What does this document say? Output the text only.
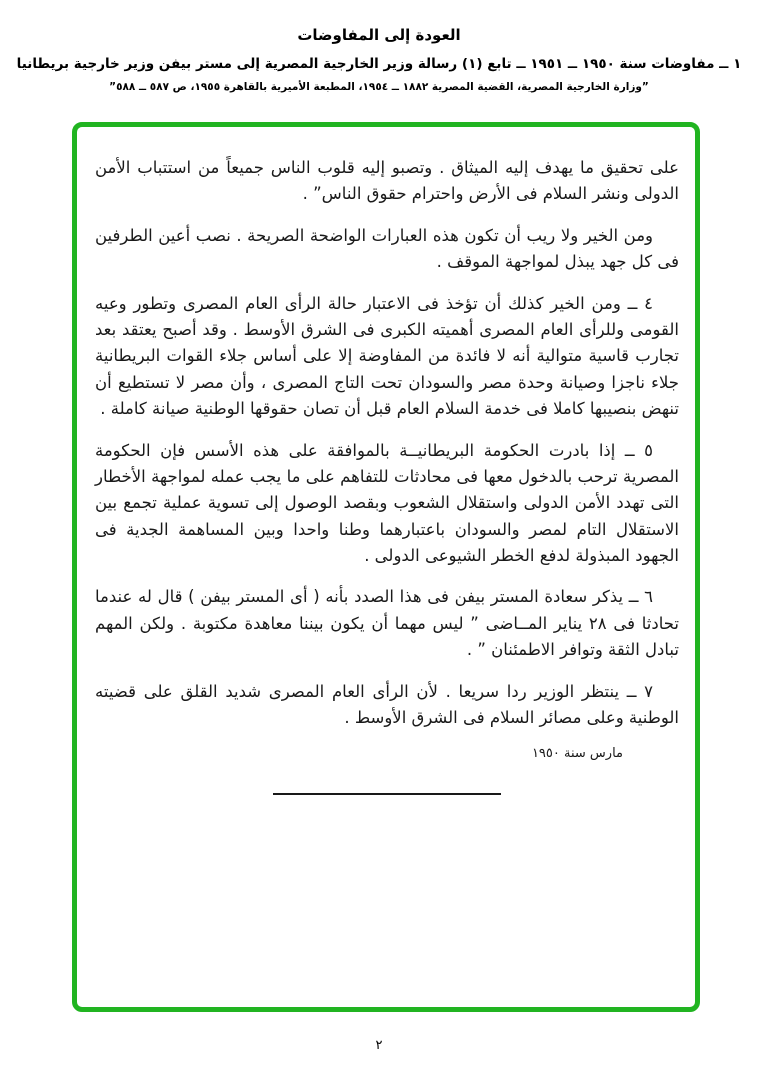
العودة إلى المفاوضات
١ ــ مفاوضات سنة ١٩٥٠ ــ ١٩٥١ ــ تابع (١) رسالة وزير الخارجية المصرية إلى مستر بيفن وزير خارجية بريطانيا
”وزارة الخارجية المصرية، القضية المصرية ١٨٨٢ ــ ١٩٥٤، المطبعة الأميرية بالقاهرة ١٩٥٥، ص ٥٨٧ ــ ٥٨٨”

على تحقيق ما يهدف إليه الميثاق . وتصبو إليه قلوب الناس جميعاً من استتباب الأمن الدولى ونشر السلام فى الأرض واحترام حقوق الناس” .

ومن الخير ولا ريب أن تكون هذه العبارات الواضحة الصريحة . نصب أعين الطرفين فى كل جهد يبذل لمواجهة الموقف .

٤ ــ ومن الخير كذلك أن تؤخذ فى الاعتبار حالة الرأى العام المصرى وتطور وعيه القومى وللرأى العام المصرى أهميته الكبرى فى الشرق الأوسط . وقد أصبح يعتقد بعد تجارب قاسية متوالية أنه لا فائدة من المفاوضة إلا على أساس جلاء القوات البريطانية جلاء ناجزا وصيانة وحدة مصر والسودان تحت التاج المصرى ، وأن مصر لا تستطيع أن تنهض بنصيبها كاملا فى خدمة السلام العام قبل أن تصان حقوقها الوطنية صيانة كاملة .

٥ ــ إذا بادرت الحكومة البريطانيــة بالموافقة على هذه الأسس فإن الحكومة المصرية ترحب بالدخول معها فى محادثات للتفاهم على ما يجب عمله لمواجهة الأخطار التى تهدد الأمن الدولى واستقلال الشعوب وبقصد الوصول إلى تسوية عملية تجمع بين الاستقلال التام لمصر والسودان باعتبارهما وطنا واحدا وبين المساهمة الجدية فى الجهود المبذولة لدفع الخطر الشيوعى الدولى .

٦ ــ يذكر سعادة المستر بيفن فى هذا الصدد بأنه ( أى المستر بيفن ) قال له عندما تحادثا فى ٢٨ يناير المــاضى ” ليس مهما أن يكون بيننا معاهدة مكتوبة . ولكن المهم تبادل الثقة وتوافر الاطمئنان ” .

٧ ــ ينتظر الوزير ردا سريعا . لأن الرأى العام المصرى شديد القلق على قضيته الوطنية وعلى مصائر السلام فى الشرق الأوسط .

مارس سنة ١٩٥٠
٢
